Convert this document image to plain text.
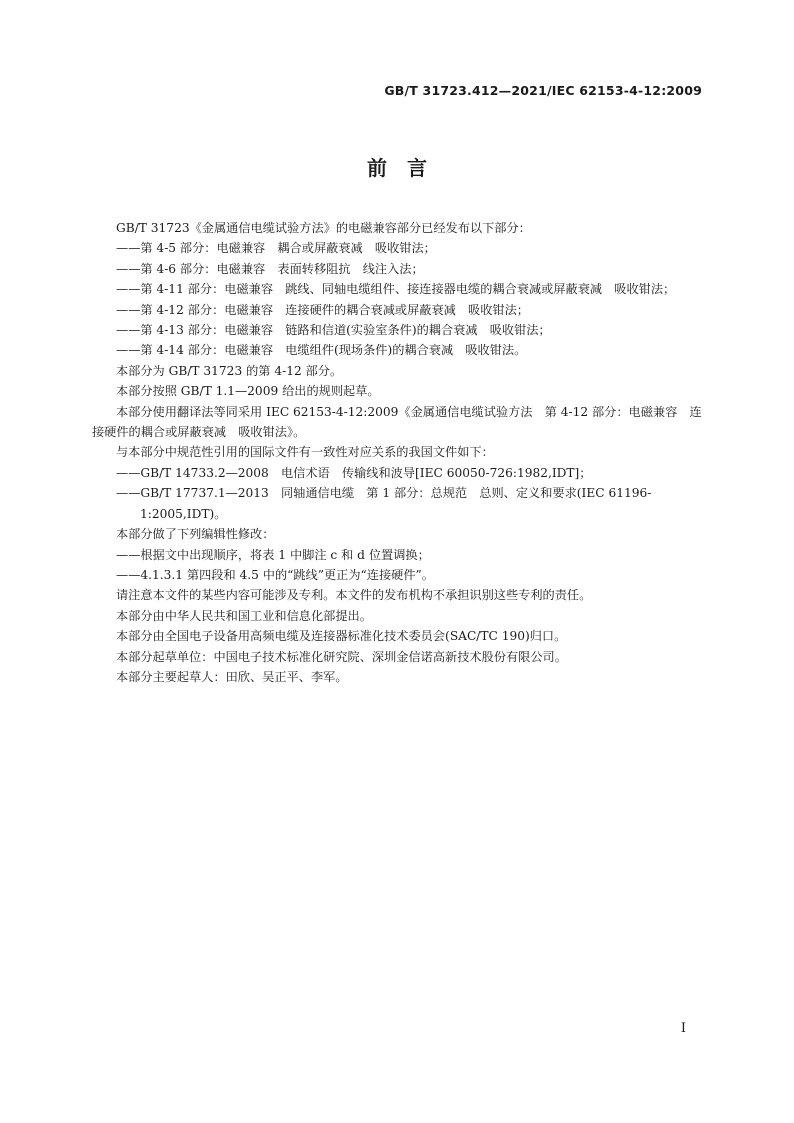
GB/T 31723.412—2021/IEC 62153-4-12:2009
前　言

GB/T 31723《金属通信电缆试验方法》的电磁兼容部分已经发布以下部分：

——第 4-5 部分：电磁兼容　耦合或屏蔽衰减　吸收钳法；

——第 4-6 部分：电磁兼容　表面转移阻抗　线注入法；

——第 4-11 部分：电磁兼容　跳线、同轴电缆组件、接连接器电缆的耦合衰减或屏蔽衰减　吸收钳法；

——第 4-12 部分：电磁兼容　连接硬件的耦合衰减或屏蔽衰减　吸收钳法；

——第 4-13 部分：电磁兼容　链路和信道(实验室条件)的耦合衰减　吸收钳法；

——第 4-14 部分：电磁兼容　电缆组件(现场条件)的耦合衰减　吸收钳法。

本部分为 GB/T 31723 的第 4-12 部分。

本部分按照 GB/T 1.1—2009 给出的规则起草。

本部分使用翻译法等同采用 IEC 62153-4-12:2009《金属通信电缆试验方法　第 4-12 部分：电磁兼容　连接硬件的耦合或屏蔽衰减　吸收钳法》。

与本部分中规范性引用的国际文件有一致性对应关系的我国文件如下：

——GB/T 14733.2—2008　电信术语　传输线和波导[IEC 60050-726:1982,IDT]；

——GB/T 17737.1—2013　同轴通信电缆　第 1 部分：总规范　总则、定义和要求(IEC 61196-1:2005,IDT)。

本部分做了下列编辑性修改：

——根据文中出现顺序，将表 1 中脚注 c 和 d 位置调换；

——4.1.3.1 第四段和 4.5 中的“跳线”更正为“连接硬件”。

请注意本文件的某些内容可能涉及专利。本文件的发布机构不承担识别这些专利的责任。

本部分由中华人民共和国工业和信息化部提出。

本部分由全国电子设备用高频电缆及连接器标准化技术委员会(SAC/TC 190)归口。

本部分起草单位：中国电子技术标准化研究院、深圳金信诺高新技术股份有限公司。

本部分主要起草人：田欣、吴正平、李军。

I
